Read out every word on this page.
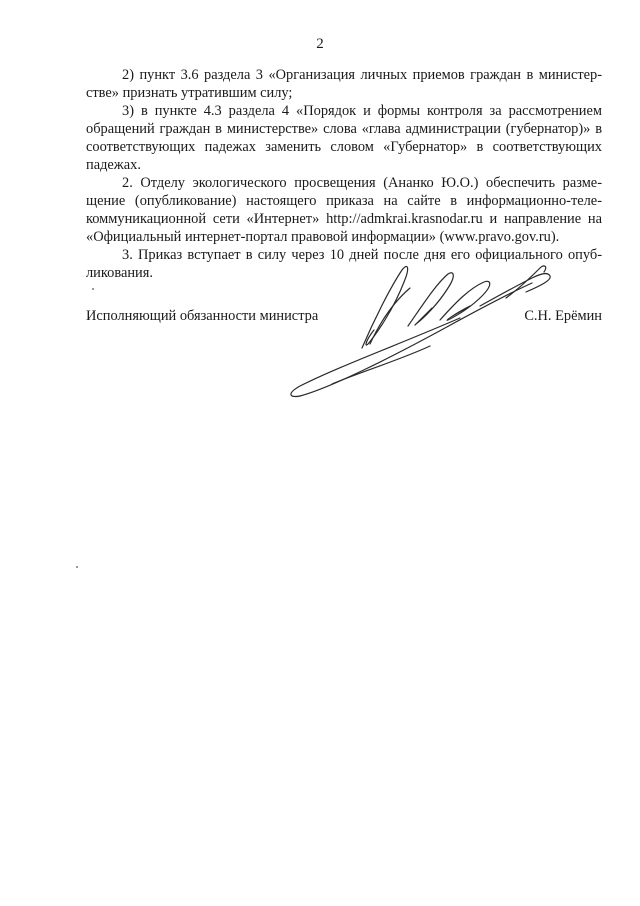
2

2) пункт 3.6 раздела 3 «Организация личных приемов граждан в министерстве» признать утратившим силу;

3) в пункте 4.3 раздела 4 «Порядок и формы контроля за рассмотрением обращений граждан в министерстве» слова «глава администрации (губернатор)» в соответствующих падежах заменить словом «Губернатор» в соответствующих падежах.

2. Отделу экологического просвещения (Ананко Ю.О.) обеспечить размещение (опубликование) настоящего приказа на сайте в информационно-телекоммуникационной сети «Интернет» http://admkrai.krasnodar.ru и направление на «Официальный интернет-портал правовой информации» (www.pravo.gov.ru).

3. Приказ вступает в силу через 10 дней после дня его официального опубликования.

Исполняющий обязанности министра	С.Н. Ерёмин
